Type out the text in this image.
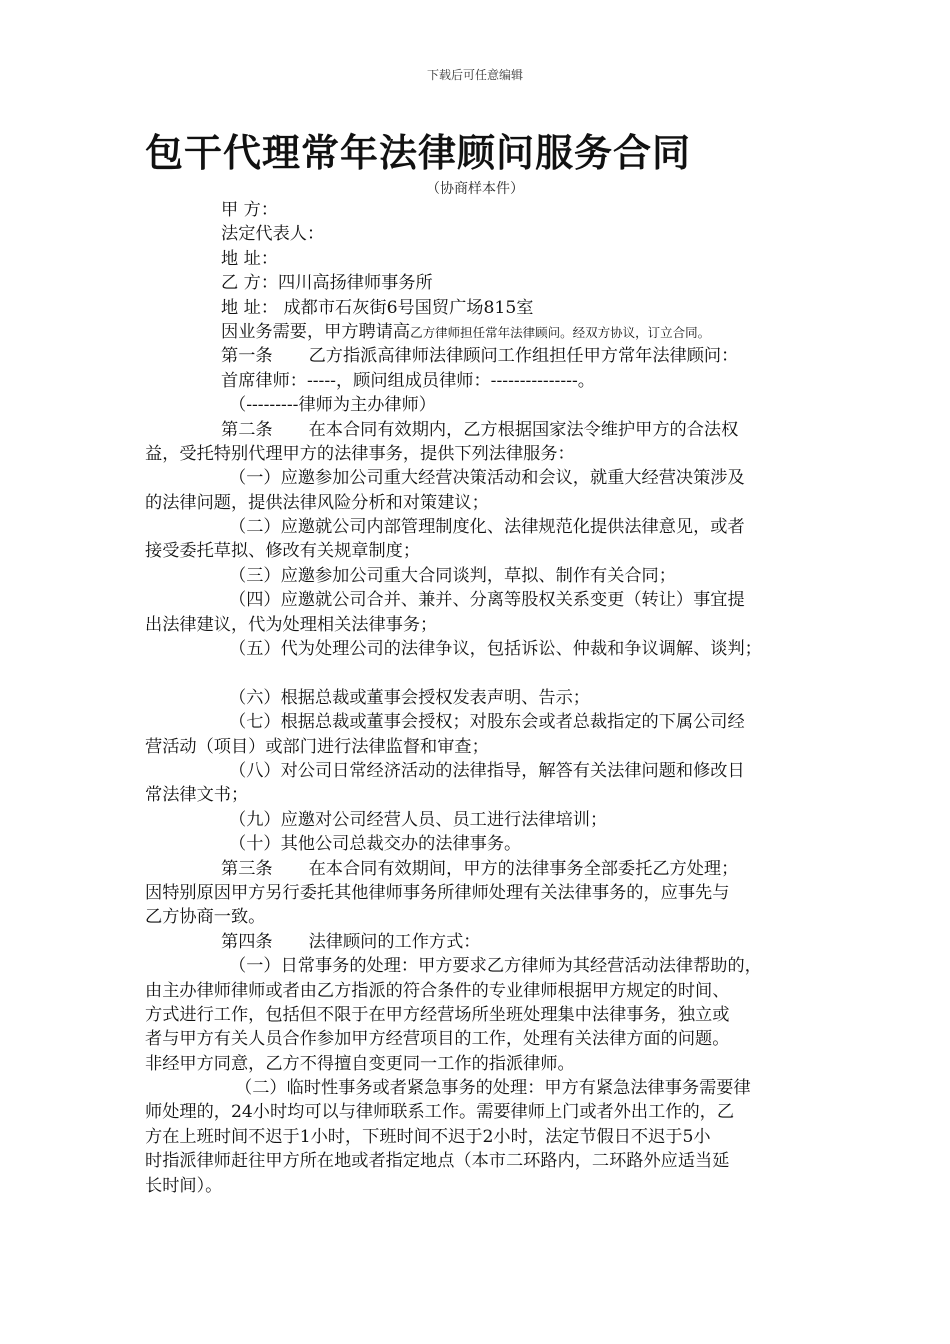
下载后可任意编辑
包干代理常年法律顾问服务合同
（协商样本件）
甲 方：
法定代表人：
地 址：
乙 方：四川高扬律师事务所
地 址： 成都市石灰街6号国贸广场815室
因业务需要，甲方聘请高乙方律师担任常年法律顾问。经双方协议，订立合同。
第一条 乙方指派高律师法律顾问工作组担任甲方常年法律顾问：
首席律师：-----，顾问组成员律师：---------------。
（---------律师为主办律师）
第二条 在本合同有效期内，乙方根据国家法令维护甲方的合法权
益，受托特别代理甲方的法律事务，提供下列法律服务：
（一）应邀参加公司重大经营决策活动和会议，就重大经营决策涉及
的法律问题，提供法律风险分析和对策建议；
（二）应邀就公司内部管理制度化、法律规范化提供法律意见，或者
接受委托草拟、修改有关规章制度；
（三）应邀参加公司重大合同谈判，草拟、制作有关合同；
（四）应邀就公司合并、兼并、分离等股权关系变更（转让）事宜提
出法律建议，代为处理相关法律事务；
（五）代为处理公司的法律争议，包括诉讼、仲裁和争议调解、谈判；
（六）根据总裁或董事会授权发表声明、告示；
（七）根据总裁或董事会授权；对股东会或者总裁指定的下属公司经
营活动（项目）或部门进行法律监督和审查；
（八）对公司日常经济活动的法律指导，解答有关法律问题和修改日
常法律文书；
（九）应邀对公司经营人员、员工进行法律培训；
（十）其他公司总裁交办的法律事务。
第三条 在本合同有效期间，甲方的法律事务全部委托乙方处理；
因特别原因甲方另行委托其他律师事务所律师处理有关法律事务的，应事先与
乙方协商一致。
第四条 法律顾问的工作方式：
（一）日常事务的处理：甲方要求乙方律师为其经营活动法律帮助的，
由主办律师律师或者由乙方指派的符合条件的专业律师根据甲方规定的时间、
方式进行工作，包括但不限于在甲方经营场所坐班处理集中法律事务，独立或
者与甲方有关人员合作参加甲方经营项目的工作，处理有关法律方面的问题。
非经甲方同意，乙方不得擅自变更同一工作的指派律师。
（二）临时性事务或者紧急事务的处理：甲方有紧急法律事务需要律
师处理的，24小时均可以与律师联系工作。需要律师上门或者外出工作的，乙
方在上班时间不迟于1小时，下班时间不迟于2小时，法定节假日不迟于5小
时指派律师赶往甲方所在地或者指定地点（本市二环路内，二环路外应适当延
长时间）。
